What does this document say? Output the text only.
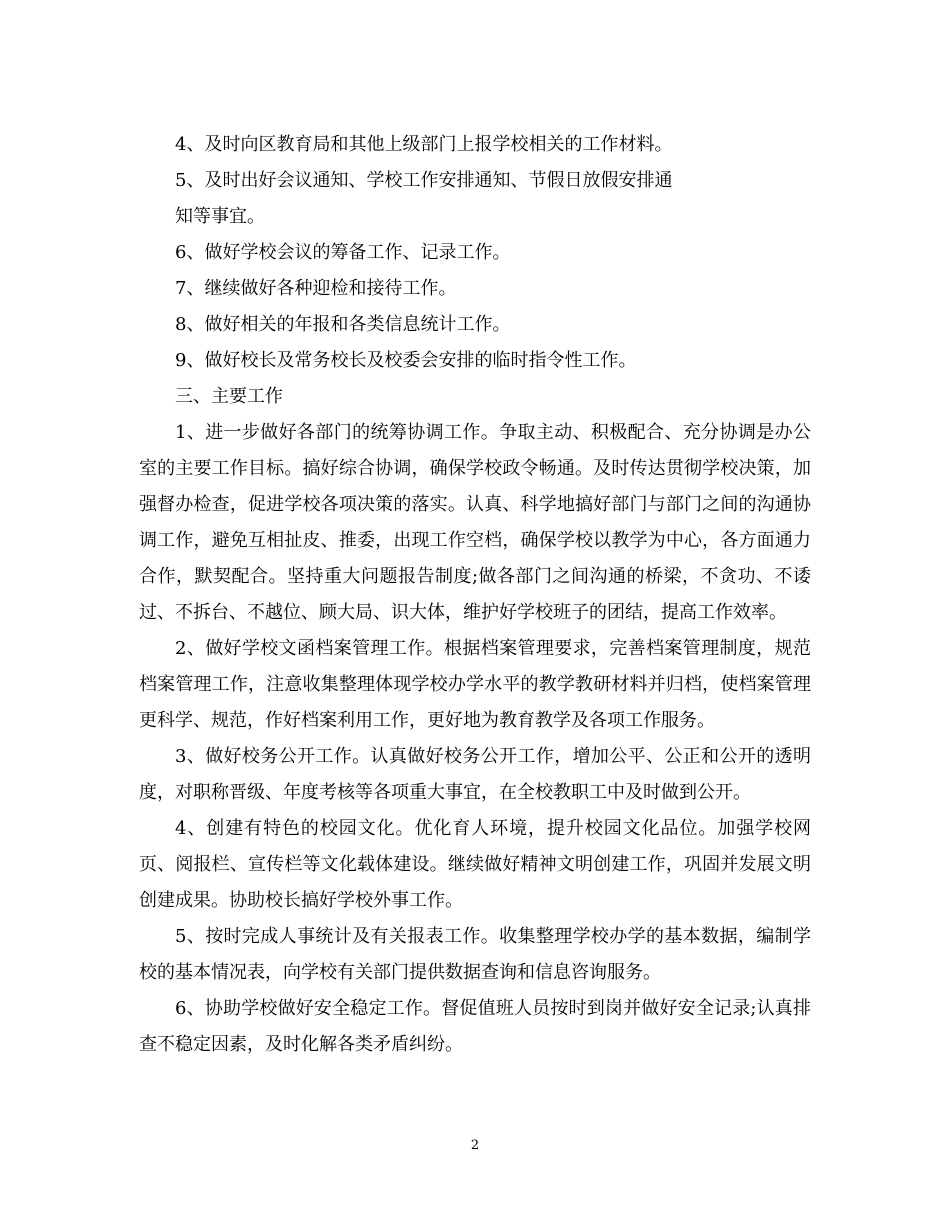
4、及时向区教育局和其他上级部门上报学校相关的工作材料。

5、及时出好会议通知、学校工作安排通知、节假日放假安排通

知等事宜。

6、做好学校会议的筹备工作、记录工作。

7、继续做好各种迎检和接待工作。

8、做好相关的年报和各类信息统计工作。

9、做好校长及常务校长及校委会安排的临时指令性工作。

三、主要工作

1、进一步做好各部门的统筹协调工作。争取主动、积极配合、充分协调是办公室的主要工作目标。搞好综合协调，确保学校政令畅通。及时传达贯彻学校决策，加强督办检查，促进学校各项决策的落实。认真、科学地搞好部门与部门之间的沟通协调工作，避免互相扯皮、推委，出现工作空档，确保学校以教学为中心，各方面通力合作，默契配合。坚持重大问题报告制度;做各部门之间沟通的桥梁，不贪功、不诿过、不拆台、不越位、顾大局、识大体，维护好学校班子的团结，提高工作效率。

2、做好学校文函档案管理工作。根据档案管理要求，完善档案管理制度，规范档案管理工作，注意收集整理体现学校办学水平的教学教研材料并归档，使档案管理更科学、规范，作好档案利用工作，更好地为教育教学及各项工作服务。

3、做好校务公开工作。认真做好校务公开工作，增加公平、公正和公开的透明度，对职称晋级、年度考核等各项重大事宜，在全校教职工中及时做到公开。

4、创建有特色的校园文化。优化育人环境，提升校园文化品位。加强学校网页、阅报栏、宣传栏等文化载体建设。继续做好精神文明创建工作，巩固并发展文明创建成果。协助校长搞好学校外事工作。

5、按时完成人事统计及有关报表工作。收集整理学校办学的基本数据，编制学校的基本情况表，向学校有关部门提供数据查询和信息咨询服务。

6、协助学校做好安全稳定工作。督促值班人员按时到岗并做好安全记录;认真排查不稳定因素，及时化解各类矛盾纠纷。

2
